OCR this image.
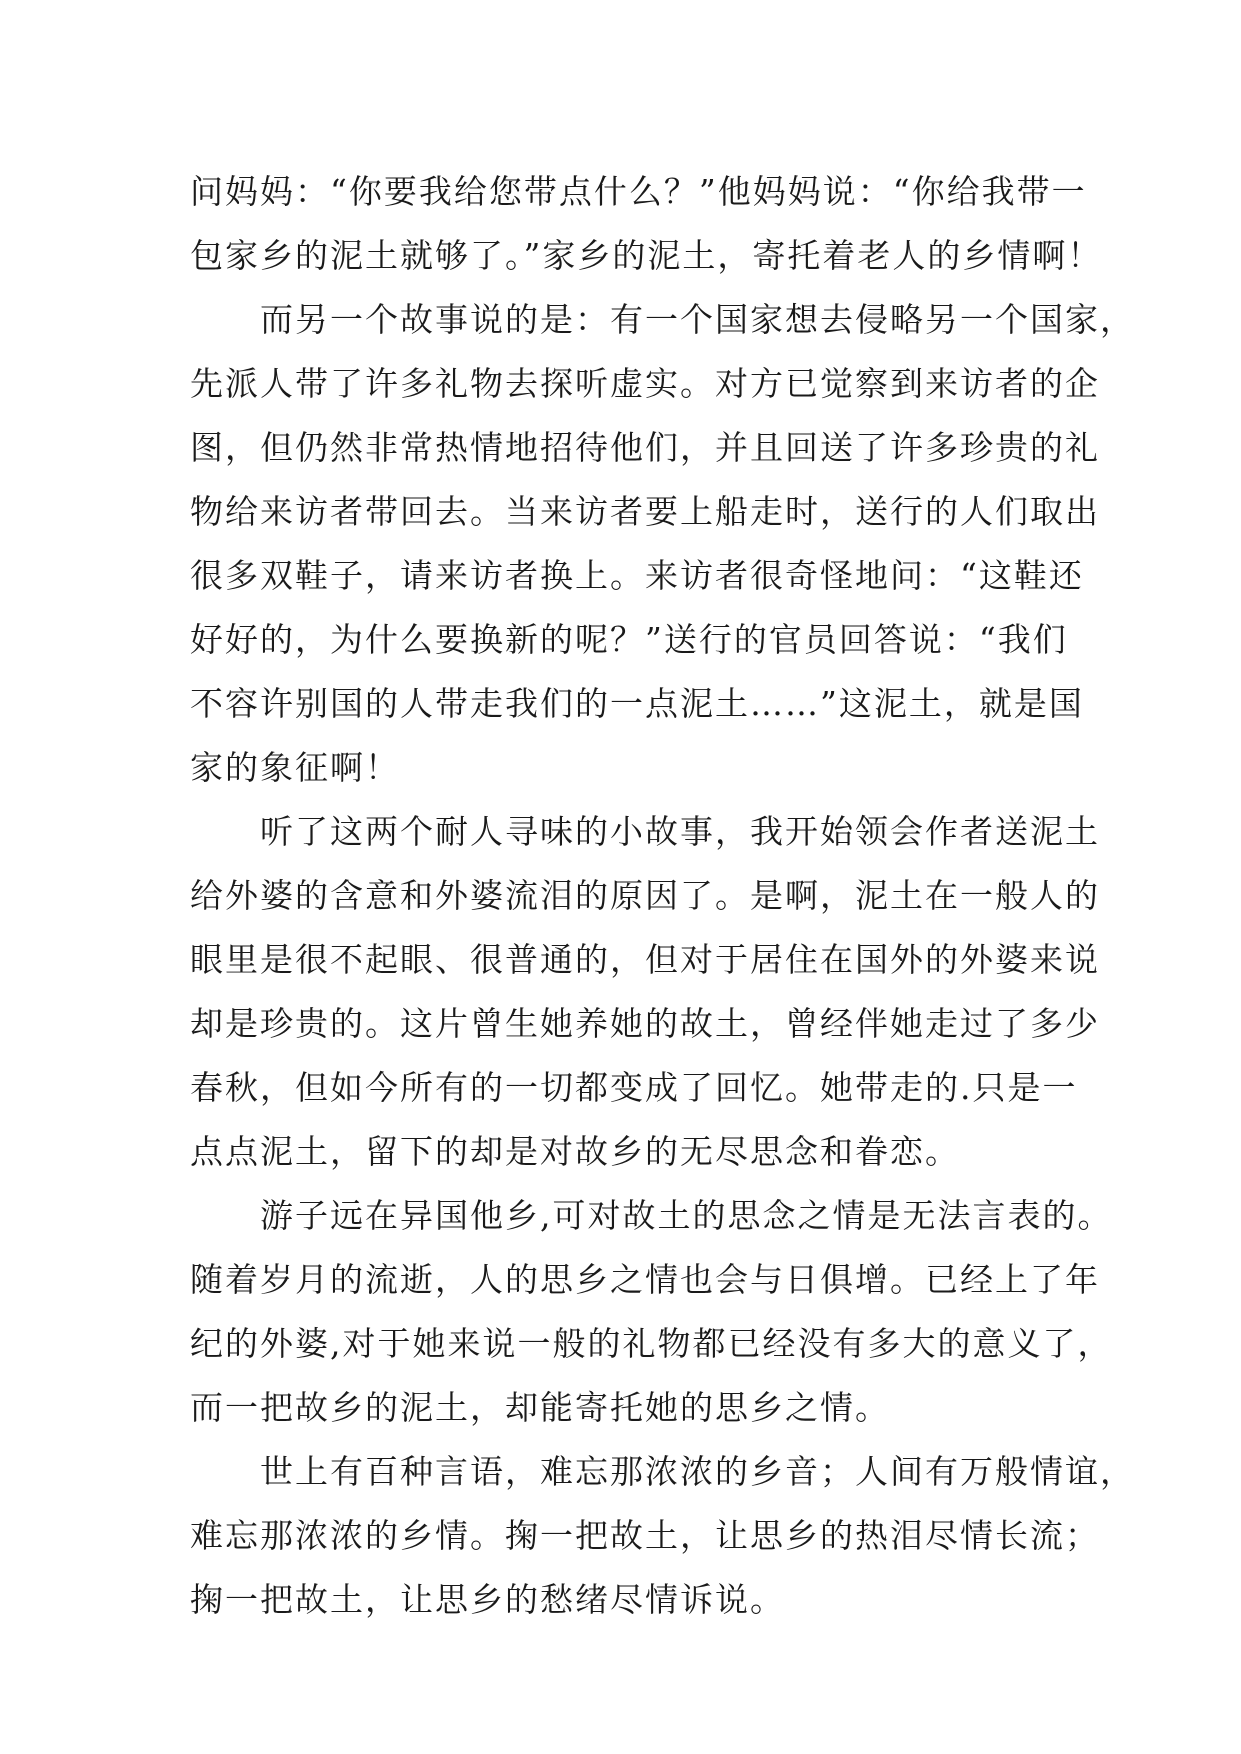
问妈妈：“你要我给您带点什么？”他妈妈说：“你给我带一
包家乡的泥土就够了。”家乡的泥土，寄托着老人的乡情啊！
　　而另一个故事说的是：有一个国家想去侵略另一个国家，
先派人带了许多礼物去探听虚实。对方已觉察到来访者的企
图，但仍然非常热情地招待他们，并且回送了许多珍贵的礼
物给来访者带回去。当来访者要上船走时，送行的人们取出
很多双鞋子，请来访者换上。来访者很奇怪地问：“这鞋还
好好的，为什么要换新的呢？”送行的官员回答说：“我们
不容许别国的人带走我们的一点泥土……”这泥土，就是国
家的象征啊！
　　听了这两个耐人寻味的小故事，我开始领会作者送泥土
给外婆的含意和外婆流泪的原因了。是啊，泥土在一般人的
眼里是很不起眼、很普通的，但对于居住在国外的外婆来说
却是珍贵的。这片曾生她养她的故土，曾经伴她走过了多少
春秋，但如今所有的一切都变成了回忆。她带走的.只是一
点点泥土，留下的却是对故乡的无尽思念和眷恋。
　　游子远在异国他乡,可对故土的思念之情是无法言表的。
随着岁月的流逝，人的思乡之情也会与日俱增。已经上了年
纪的外婆,对于她来说一般的礼物都已经没有多大的意义了，
而一把故乡的泥土，却能寄托她的思乡之情。
　　世上有百种言语，难忘那浓浓的乡音；人间有万般情谊，
难忘那浓浓的乡情。掬一把故土，让思乡的热泪尽情长流；
掬一把故土，让思乡的愁绪尽情诉说。
